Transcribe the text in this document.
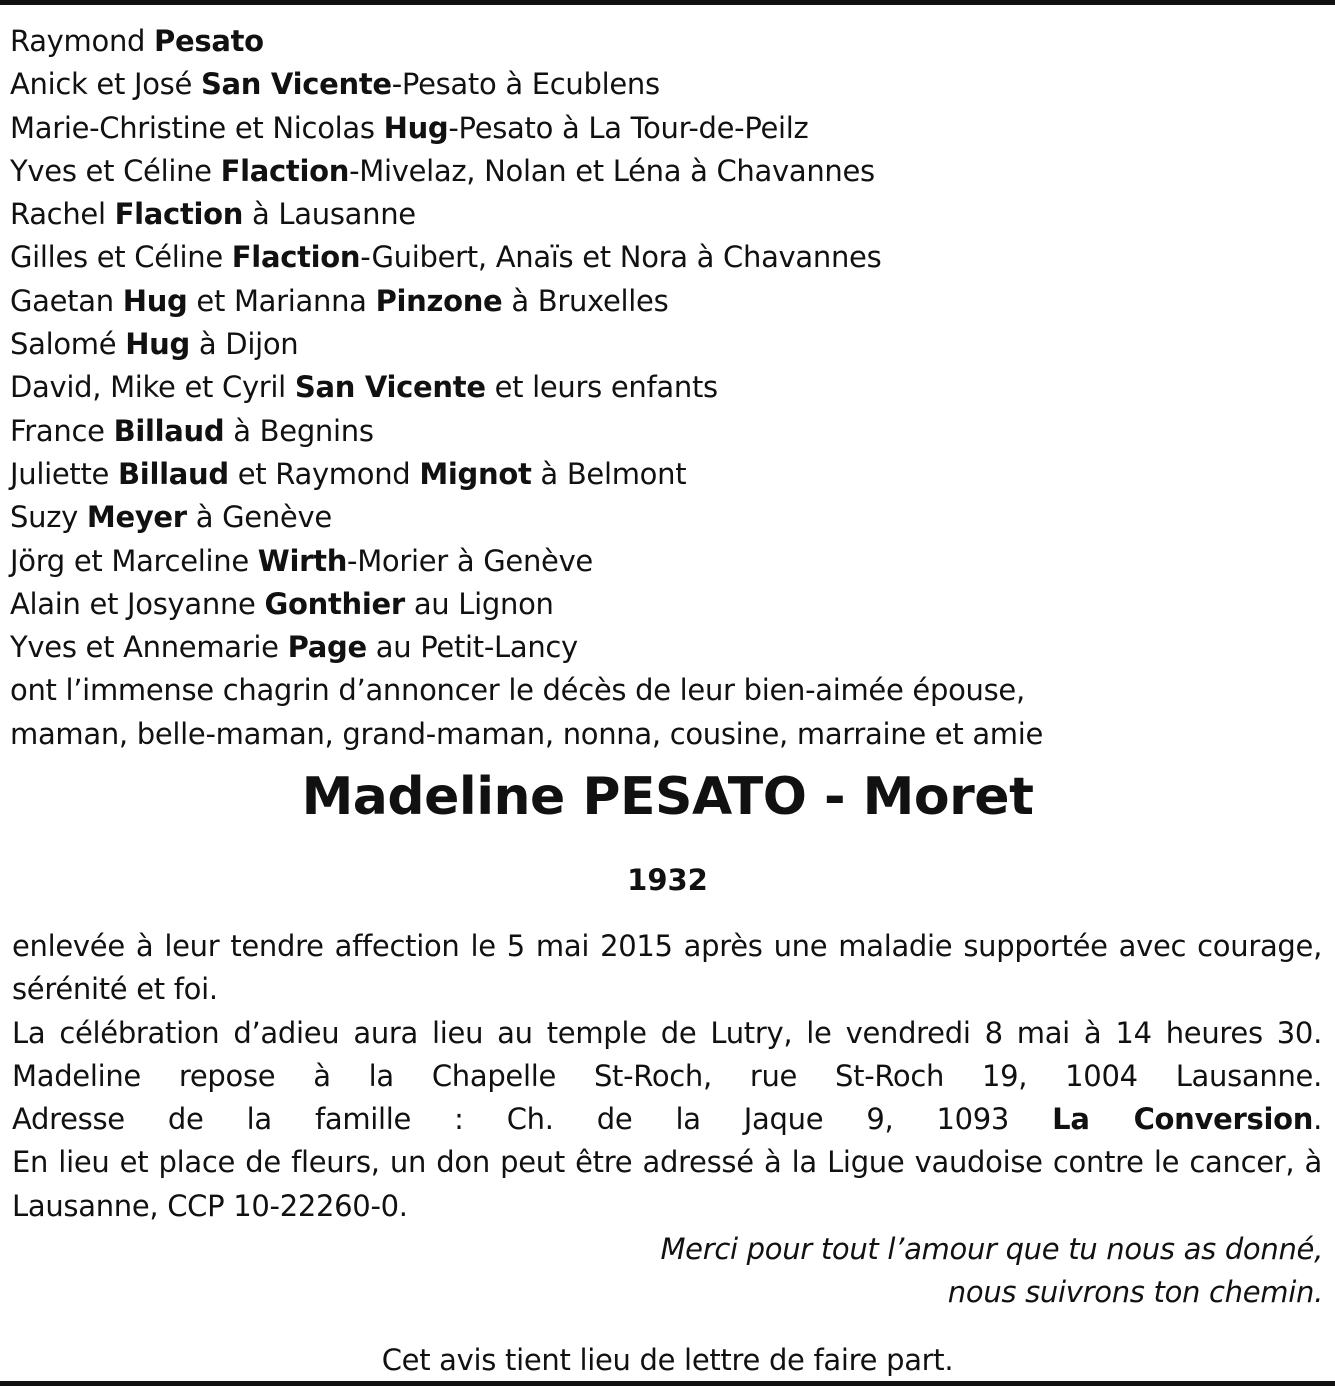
Raymond Pesato
Anick et José San Vicente-Pesato à Ecublens
Marie-Christine et Nicolas Hug-Pesato à La Tour-de-Peilz
Yves et Céline Flaction-Mivelaz, Nolan et Léna à Chavannes
Rachel Flaction à Lausanne
Gilles et Céline Flaction-Guibert, Anaïs et Nora à Chavannes
Gaetan Hug et Marianna Pinzone à Bruxelles
Salomé Hug à Dijon
David, Mike et Cyril San Vicente et leurs enfants
France Billaud à Begnins
Juliette Billaud et Raymond Mignot à Belmont
Suzy Meyer à Genève
Jörg et Marceline Wirth-Morier à Genève
Alain et Josyanne Gonthier au Lignon
Yves et Annemarie Page au Petit-Lancy
ont l’immense chagrin d’annoncer le décès de leur bien-aimée épouse,
maman, belle-maman, grand-maman, nonna, cousine, marraine et amie
Madeline PESATO - Moret
1932

enlevée à leur tendre affection le 5 mai 2015 après une maladie supportée avec courage, sérénité et foi.

La célébration d’adieu aura lieu au temple de Lutry, le vendredi 8 mai à 14 heures 30.

Madeline repose à la Chapelle St-Roch, rue St-Roch 19, 1004 Lausanne.

Adresse de la famille : Ch. de la Jaque 9, 1093 La Conversion.

En lieu et place de fleurs, un don peut être adressé à la Ligue vaudoise contre le cancer, à Lausanne, CCP 10-22260-0.

Merci pour tout l’amour que tu nous as donné,
nous suivrons ton chemin.
Cet avis tient lieu de lettre de faire part.
